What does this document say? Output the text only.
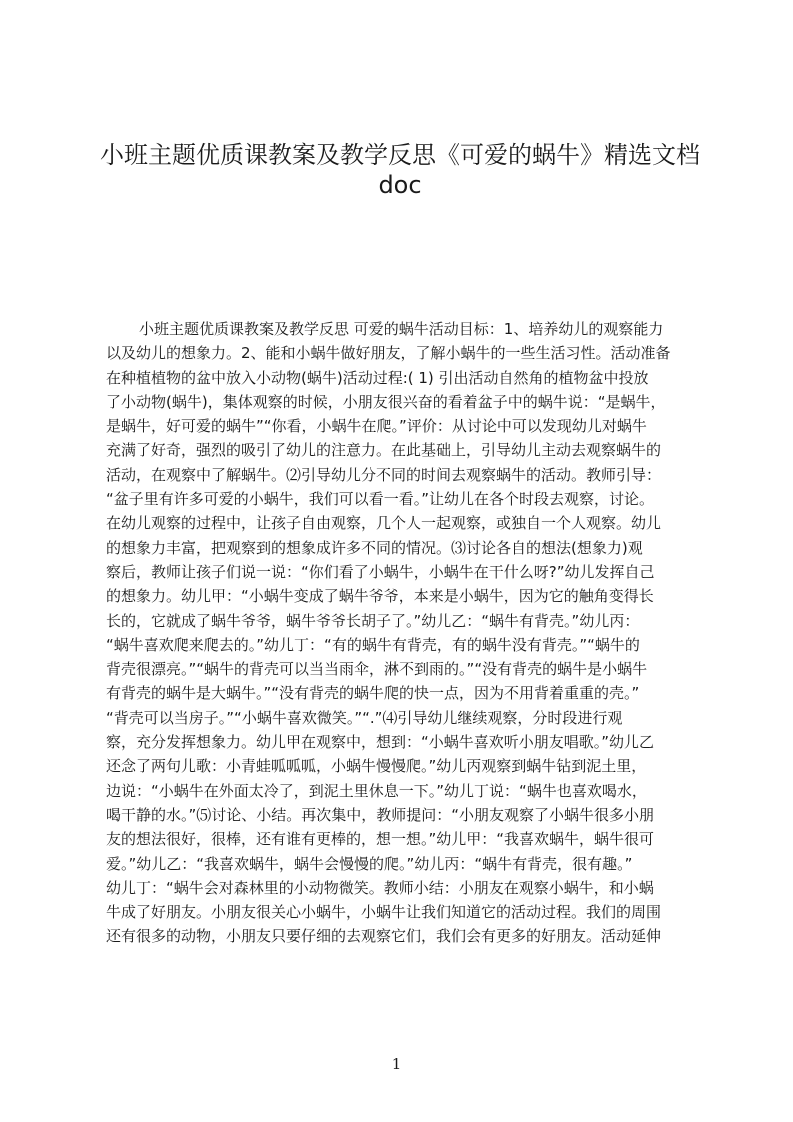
小班主题优质课教案及教学反思《可爱的蜗牛》精选文档
doc
小班主题优质课教案及教学反思 可爱的蜗牛活动目标：1、培养幼儿的观察能力
以及幼儿的想象力。2、能和小蜗牛做好朋友，了解小蜗牛的一些生活习性。活动准备
在种植植物的盆中放入小动物(蜗牛)活动过程:( 1) 引出活动自然角的植物盆中投放
了小动物(蜗牛)，集体观察的时候，小朋友很兴奋的看着盆子中的蜗牛说：“是蜗牛，
是蜗牛，好可爱的蜗牛”“你看，小蜗牛在爬。”评价：从讨论中可以发现幼儿对蜗牛
充满了好奇，强烈的吸引了幼儿的注意力。在此基础上，引导幼儿主动去观察蜗牛的
活动，在观察中了解蜗牛。⑵引导幼儿分不同的时间去观察蜗牛的活动。教师引导：
“盆子里有许多可爱的小蜗牛，我们可以看一看。”让幼儿在各个时段去观察，讨论。
在幼儿观察的过程中，让孩子自由观察，几个人一起观察，或独自一个人观察。幼儿
的想象力丰富，把观察到的想象成许多不同的情况。⑶讨论各自的想法(想象力)观
察后，教师让孩子们说一说：“你们看了小蜗牛，小蜗牛在干什么呀?”幼儿发挥自己
的想象力。幼儿甲：“小蜗牛变成了蜗牛爷爷，本来是小蜗牛，因为它的触角变得长
长的，它就成了蜗牛爷爷，蜗牛爷爷长胡子了。”幼儿乙：“蜗牛有背壳。”幼儿丙：
“蜗牛喜欢爬来爬去的。”幼儿丁：“有的蜗牛有背壳，有的蜗牛没有背壳。”“蜗牛的
背壳很漂亮。”“蜗牛的背壳可以当当雨伞，淋不到雨的。”“没有背壳的蜗牛是小蜗牛
有背壳的蜗牛是大蜗牛。”“没有背壳的蜗牛爬的快一点，因为不用背着重重的壳。”
“背壳可以当房子。”“小蜗牛喜欢微笑。”“.”⑷引导幼儿继续观察，分时段进行观
察，充分发挥想象力。幼儿甲在观察中，想到：“小蜗牛喜欢听小朋友唱歌。”幼儿乙
还念了两句儿歌：小青蛙呱呱呱，小蜗牛慢慢爬。”幼儿丙观察到蜗牛钻到泥土里，
边说：“小蜗牛在外面太冷了，到泥土里休息一下。”幼儿丁说：“蜗牛也喜欢喝水，
喝干静的水。”⑸讨论、小结。再次集中，教师提问：“小朋友观察了小蜗牛很多小朋
友的想法很好，很棒，还有谁有更棒的，想一想。”幼儿甲：“我喜欢蜗牛，蜗牛很可
爱。”幼儿乙：“我喜欢蜗牛，蜗牛会慢慢的爬。”幼儿丙：“蜗牛有背壳，很有趣。”
幼儿丁：“蜗牛会对森林里的小动物微笑。教师小结：小朋友在观察小蜗牛，和小蜗
牛成了好朋友。小朋友很关心小蜗牛，小蜗牛让我们知道它的活动过程。我们的周围
还有很多的动物，小朋友只要仔细的去观察它们，我们会有更多的好朋友。活动延伸
1
